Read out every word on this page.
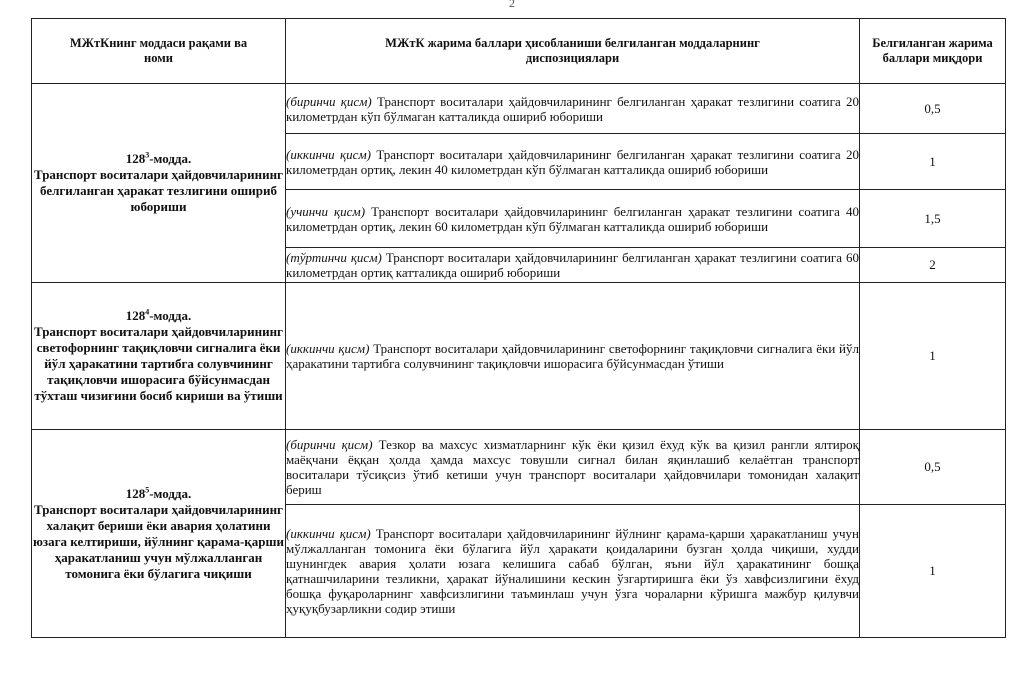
2
МЖтКнинг моддаси рақами ва номи	МЖтК жарима баллари ҳисобланиши белгиланган моддаларнинг диспозициялари	Белгиланган жарима баллари миқдори
$128^3$-модда.
Транспорт воситалари ҳайдовчиларининг белгиланган ҳаракат тезлигини ошириб юбориши	(биринчи қисм) Транспорт воситалари ҳайдовчиларининг белгиланган ҳаракат тезлигини соатига 20 километрдан кўп бўлмаган катталикда ошириб юбориши	0,5
	(иккинчи қисм) Транспорт воситалари ҳайдовчиларининг белгиланган ҳаракат тезлигини соатига 20 километрдан ортиқ, лекин 40 километрдан кўп бўлмаган катталикда ошириб юбориши	1
	(учинчи қисм) Транспорт воситалари ҳайдовчиларининг белгиланган ҳаракат тезлигини соатига 40 километрдан ортиқ, лекин 60 километрдан кўп бўлмаган катталикда ошириб юбориши	1,5
	(тўртинчи қисм) Транспорт воситалари ҳайдовчиларининг белгиланган ҳаракат тезлигини соатига 60 километрдан ортиқ катталикда ошириб юбориши	2
$128^4$-модда.
Транспорт воситалари ҳайдовчиларининг светофорнинг тақиқловчи сигналига ёки йўл ҳаракатини тартибга солувчининг тақиқловчи ишорасига бўйсунмасдан тўхташ чизиғини босиб кириши ва ўтиши	(иккинчи қисм) Транспорт воситалари ҳайдовчиларининг светофорнинг тақиқловчи сигналига ёки йўл ҳаракатини тартибга солувчининг тақиқловчи ишорасига бўйсунмасдан ўтиши	1
$128^5$-модда.
Транспорт воситалари ҳайдовчиларининг халақит бериши ёки авария ҳолатини юзага келтириши, йўлнинг қарама-қарши ҳаракатланиш учун мўлжалланган томонига ёки бўлагига чиқиши	(биринчи қисм) Тезкор ва махсус хизматларнинг кўк ёки қизил ёхуд кўк ва қизил рангли ялтироқ маёқчани ёққан ҳолда ҳамда махсус товушли сигнал билан яқинлашиб келаётган транспорт воситалари тўсиқсиз ўтиб кетиши учун транспорт воситалари ҳайдовчилари томонидан халақит бериш	0,5
	(иккинчи қисм) Транспорт воситалари ҳайдовчиларининг йўлнинг қарама-қарши ҳаракатланиш учун мўлжалланган томонига ёки бўлагига йўл ҳаракати қоидаларини бузган ҳолда чиқиши, худди шунингдек авария ҳолати юзага келишига сабаб бўлган, яъни йўл ҳаракатининг бошқа қатнашчиларини тезликни, ҳаракат йўналишини кескин ўзгартиришга ёки ўз хавфсизлигини ёхуд бошқа фуқароларнинг хавфсизлигини таъминлаш учун ўзга чораларни кўришга мажбур қилувчи ҳуқуқбузарликни содир этиши	1
